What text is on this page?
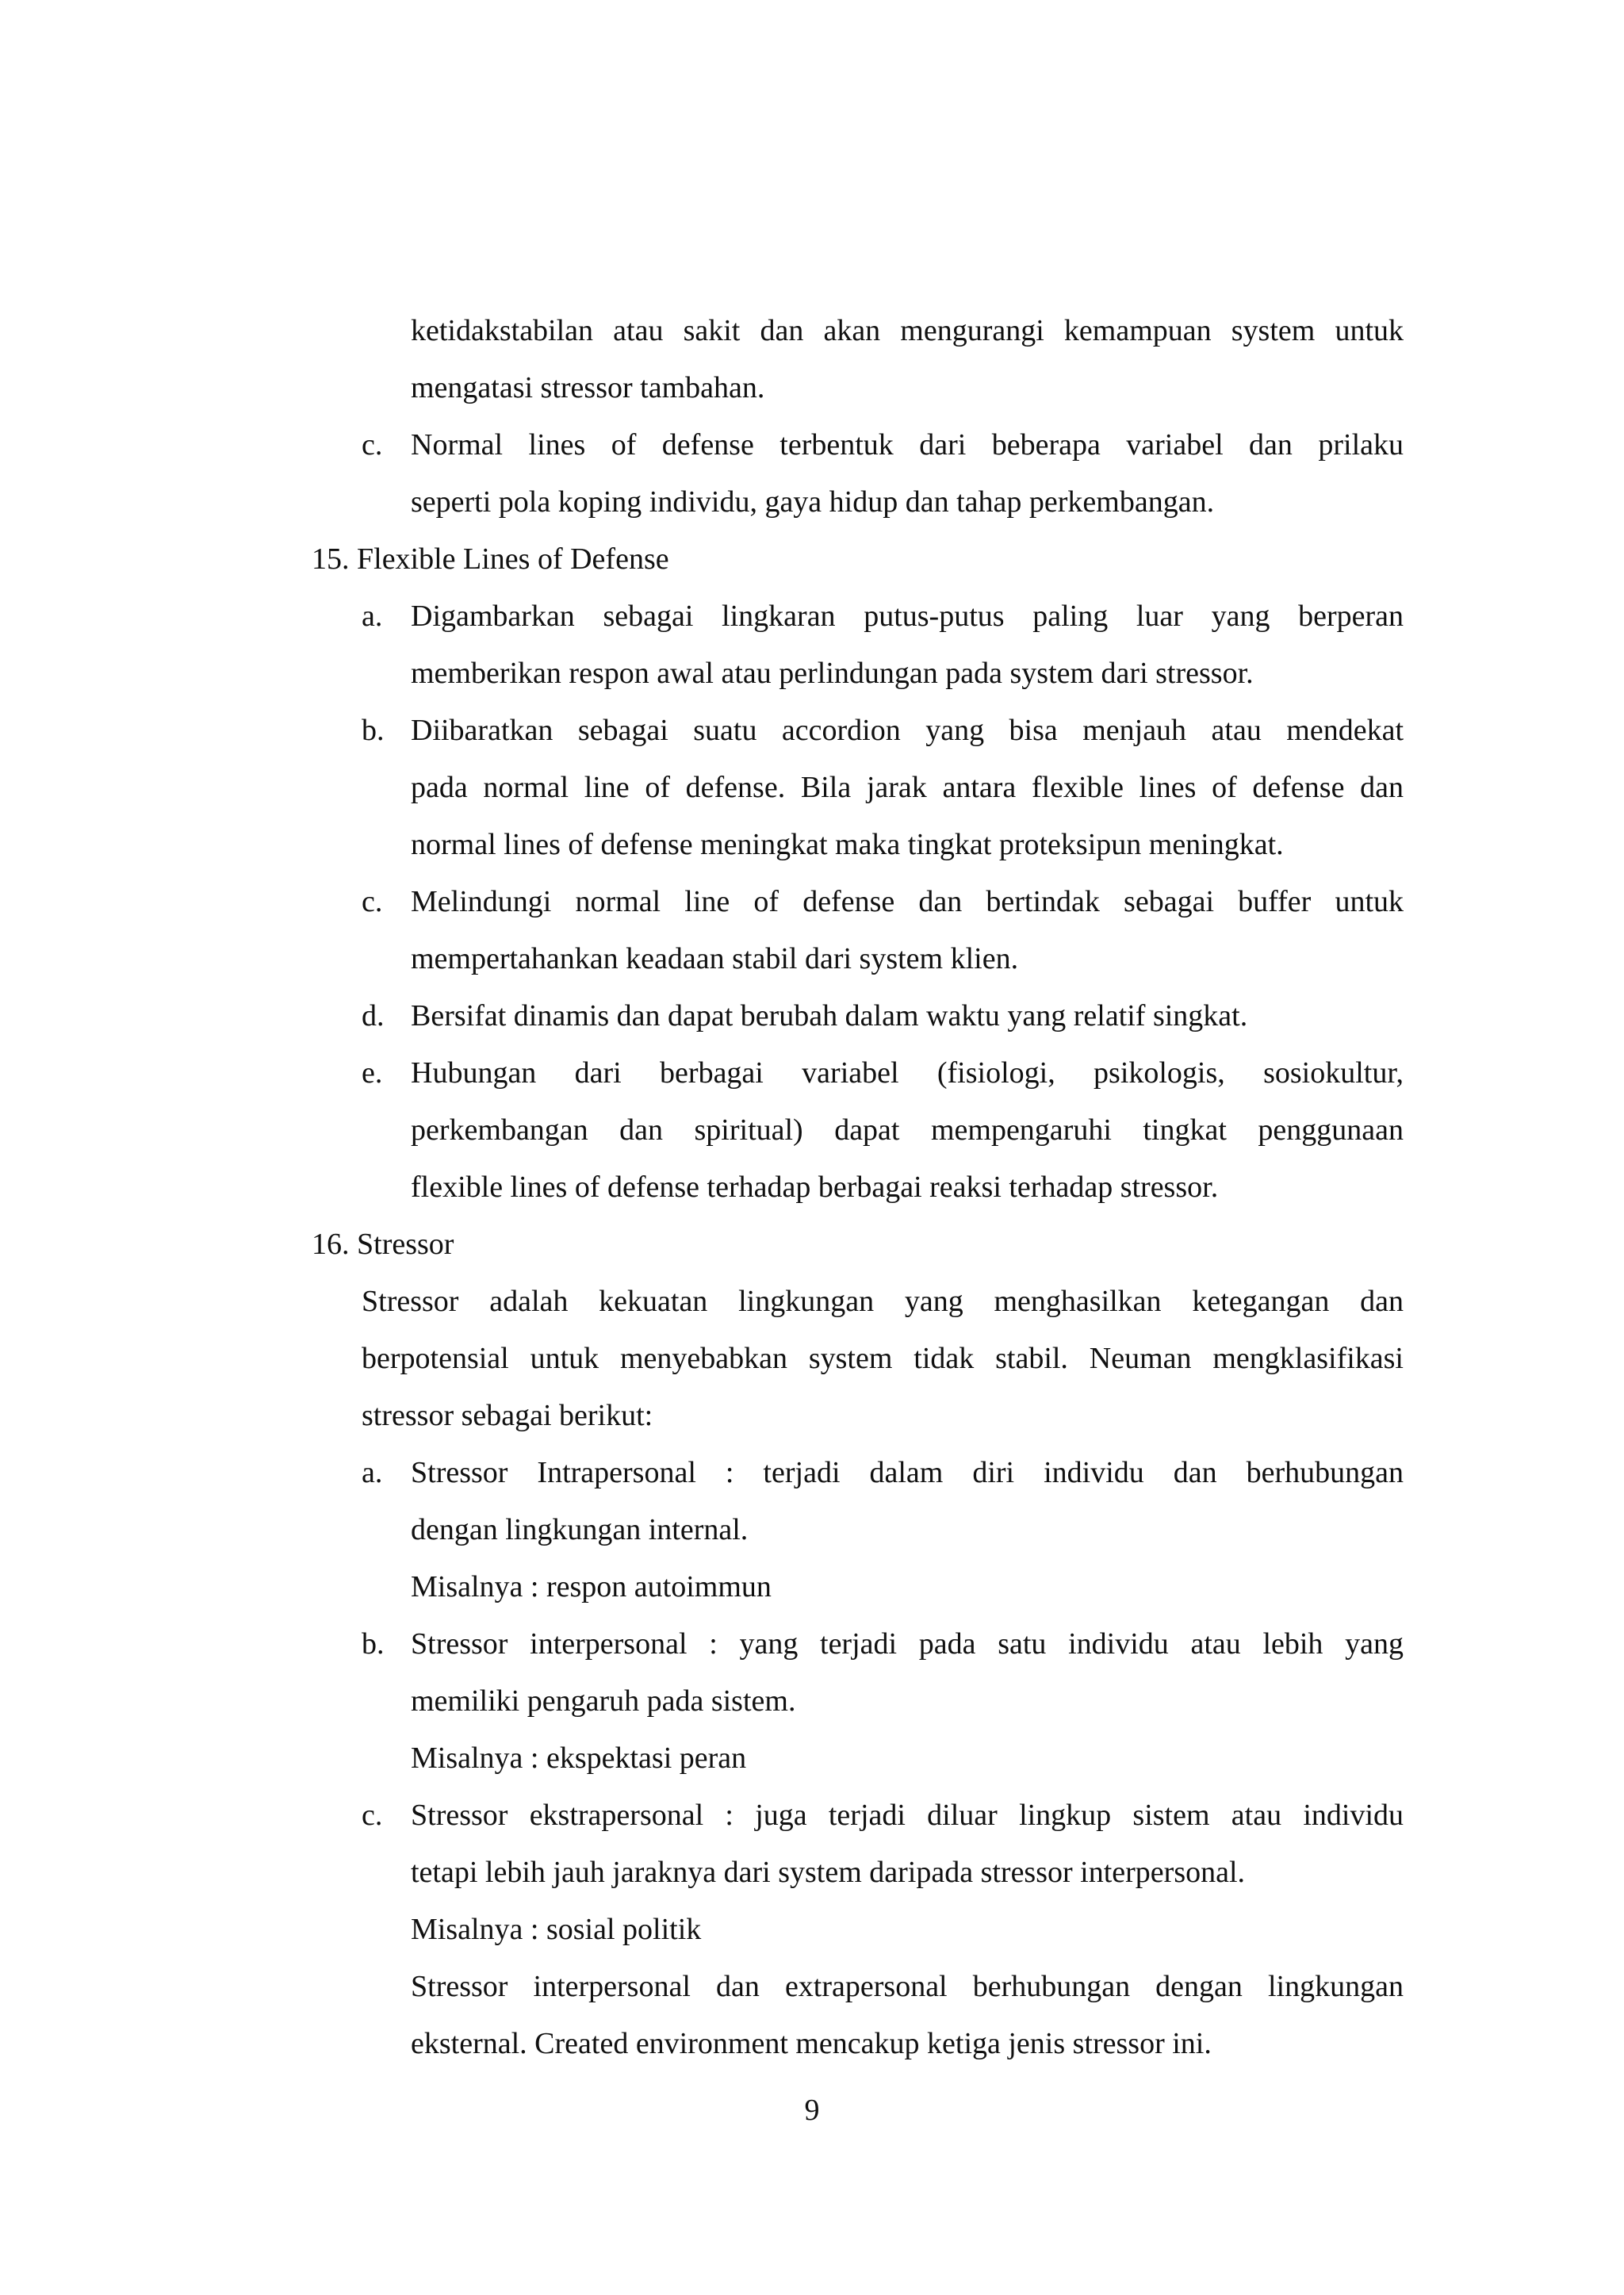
ketidakstabilan atau sakit dan akan mengurangi kemampuan system untuk
mengatasi stressor tambahan.
c. Normal lines of defense terbentuk dari beberapa variabel dan prilaku
seperti pola koping individu, gaya hidup dan tahap perkembangan.
15. Flexible Lines of Defense
a. Digambarkan sebagai lingkaran putus-putus paling luar yang berperan
memberikan respon awal atau perlindungan pada system dari stressor.
b. Diibaratkan sebagai suatu accordion yang bisa menjauh atau mendekat
pada normal line of defense. Bila jarak antara flexible lines of defense dan
normal lines of defense meningkat maka tingkat proteksipun meningkat.
c. Melindungi normal line of defense dan bertindak sebagai buffer untuk
mempertahankan keadaan stabil dari system klien.
d. Bersifat dinamis dan dapat berubah dalam waktu yang relatif singkat.
e. Hubungan dari berbagai variabel (fisiologi, psikologis, sosiokultur,
perkembangan dan spiritual) dapat mempengaruhi tingkat penggunaan
flexible lines of defense terhadap berbagai reaksi terhadap stressor.
16. Stressor
Stressor adalah kekuatan lingkungan yang menghasilkan ketegangan dan
berpotensial untuk menyebabkan system tidak stabil. Neuman mengklasifikasi
stressor sebagai berikut:
a. Stressor Intrapersonal : terjadi dalam diri individu dan berhubungan
dengan lingkungan internal.
Misalnya : respon autoimmun
b. Stressor interpersonal : yang terjadi pada satu individu atau lebih yang
memiliki pengaruh pada sistem.
Misalnya : ekspektasi peran
c. Stressor ekstrapersonal : juga terjadi diluar lingkup sistem atau individu
tetapi lebih jauh jaraknya dari system daripada stressor interpersonal.
Misalnya : sosial politik
Stressor interpersonal dan extrapersonal berhubungan dengan lingkungan
eksternal. Created environment mencakup ketiga jenis stressor ini.
9
